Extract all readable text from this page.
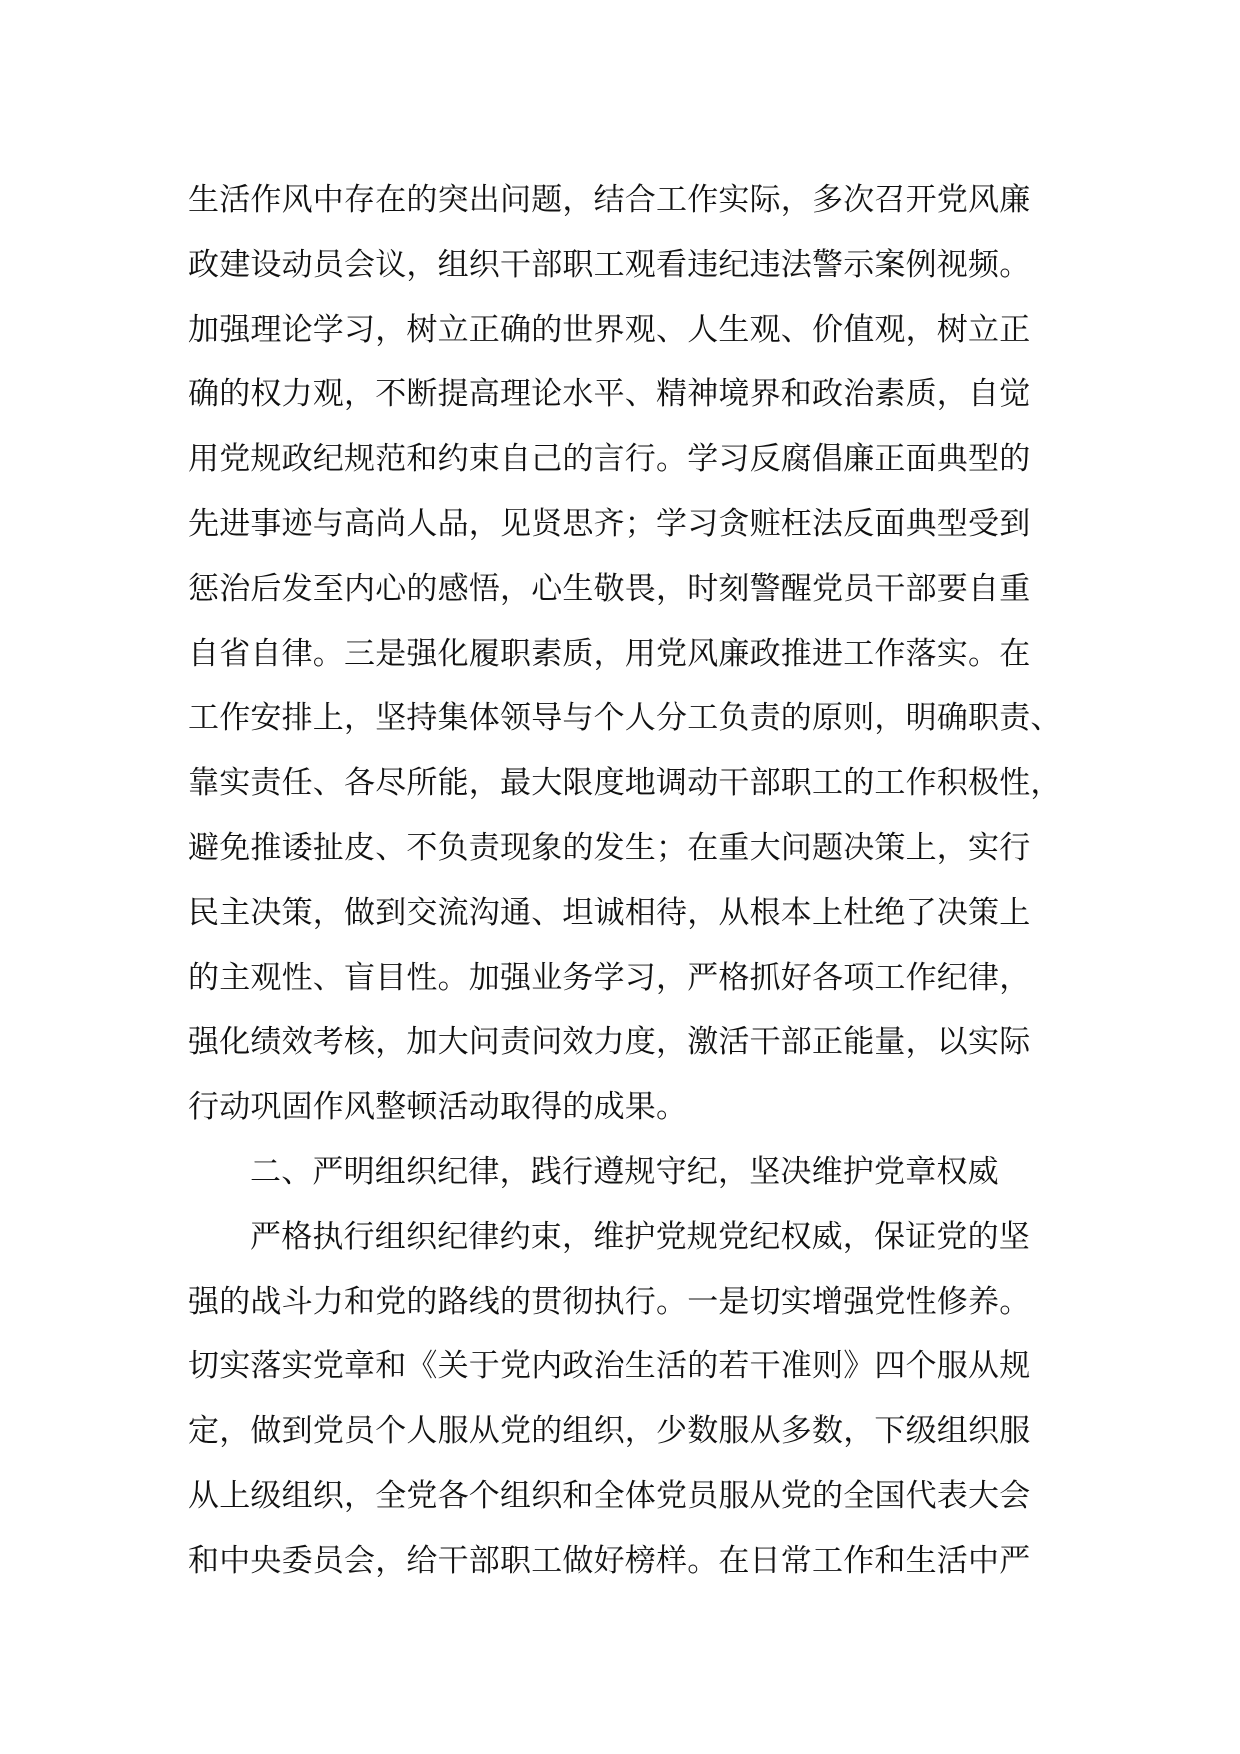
生活作风中存在的突出问题，结合工作实际，多次召开党风廉
政建设动员会议，组织干部职工观看违纪违法警示案例视频。
加强理论学习，树立正确的世界观、人生观、价值观，树立正
确的权力观，不断提高理论水平、精神境界和政治素质，自觉
用党规政纪规范和约束自己的言行。学习反腐倡廉正面典型的
先进事迹与高尚人品，见贤思齐；学习贪赃枉法反面典型受到
惩治后发至内心的感悟，心生敬畏，时刻警醒党员干部要自重
自省自律。三是强化履职素质，用党风廉政推进工作落实。在
工作安排上，坚持集体领导与个人分工负责的原则，明确职责、
靠实责任、各尽所能，最大限度地调动干部职工的工作积极性，
避免推诿扯皮、不负责现象的发生；在重大问题决策上，实行
民主决策，做到交流沟通、坦诚相待，从根本上杜绝了决策上
的主观性、盲目性。加强业务学习，严格抓好各项工作纪律，
强化绩效考核，加大问责问效力度，激活干部正能量，以实际
行动巩固作风整顿活动取得的成果。
二、严明组织纪律，践行遵规守纪，坚决维护党章权威
严格执行组织纪律约束，维护党规党纪权威，保证党的坚
强的战斗力和党的路线的贯彻执行。一是切实增强党性修养。
切实落实党章和《关于党内政治生活的若干准则》四个服从规
定，做到党员个人服从党的组织，少数服从多数，下级组织服
从上级组织，全党各个组织和全体党员服从党的全国代表大会
和中央委员会，给干部职工做好榜样。在日常工作和生活中严
